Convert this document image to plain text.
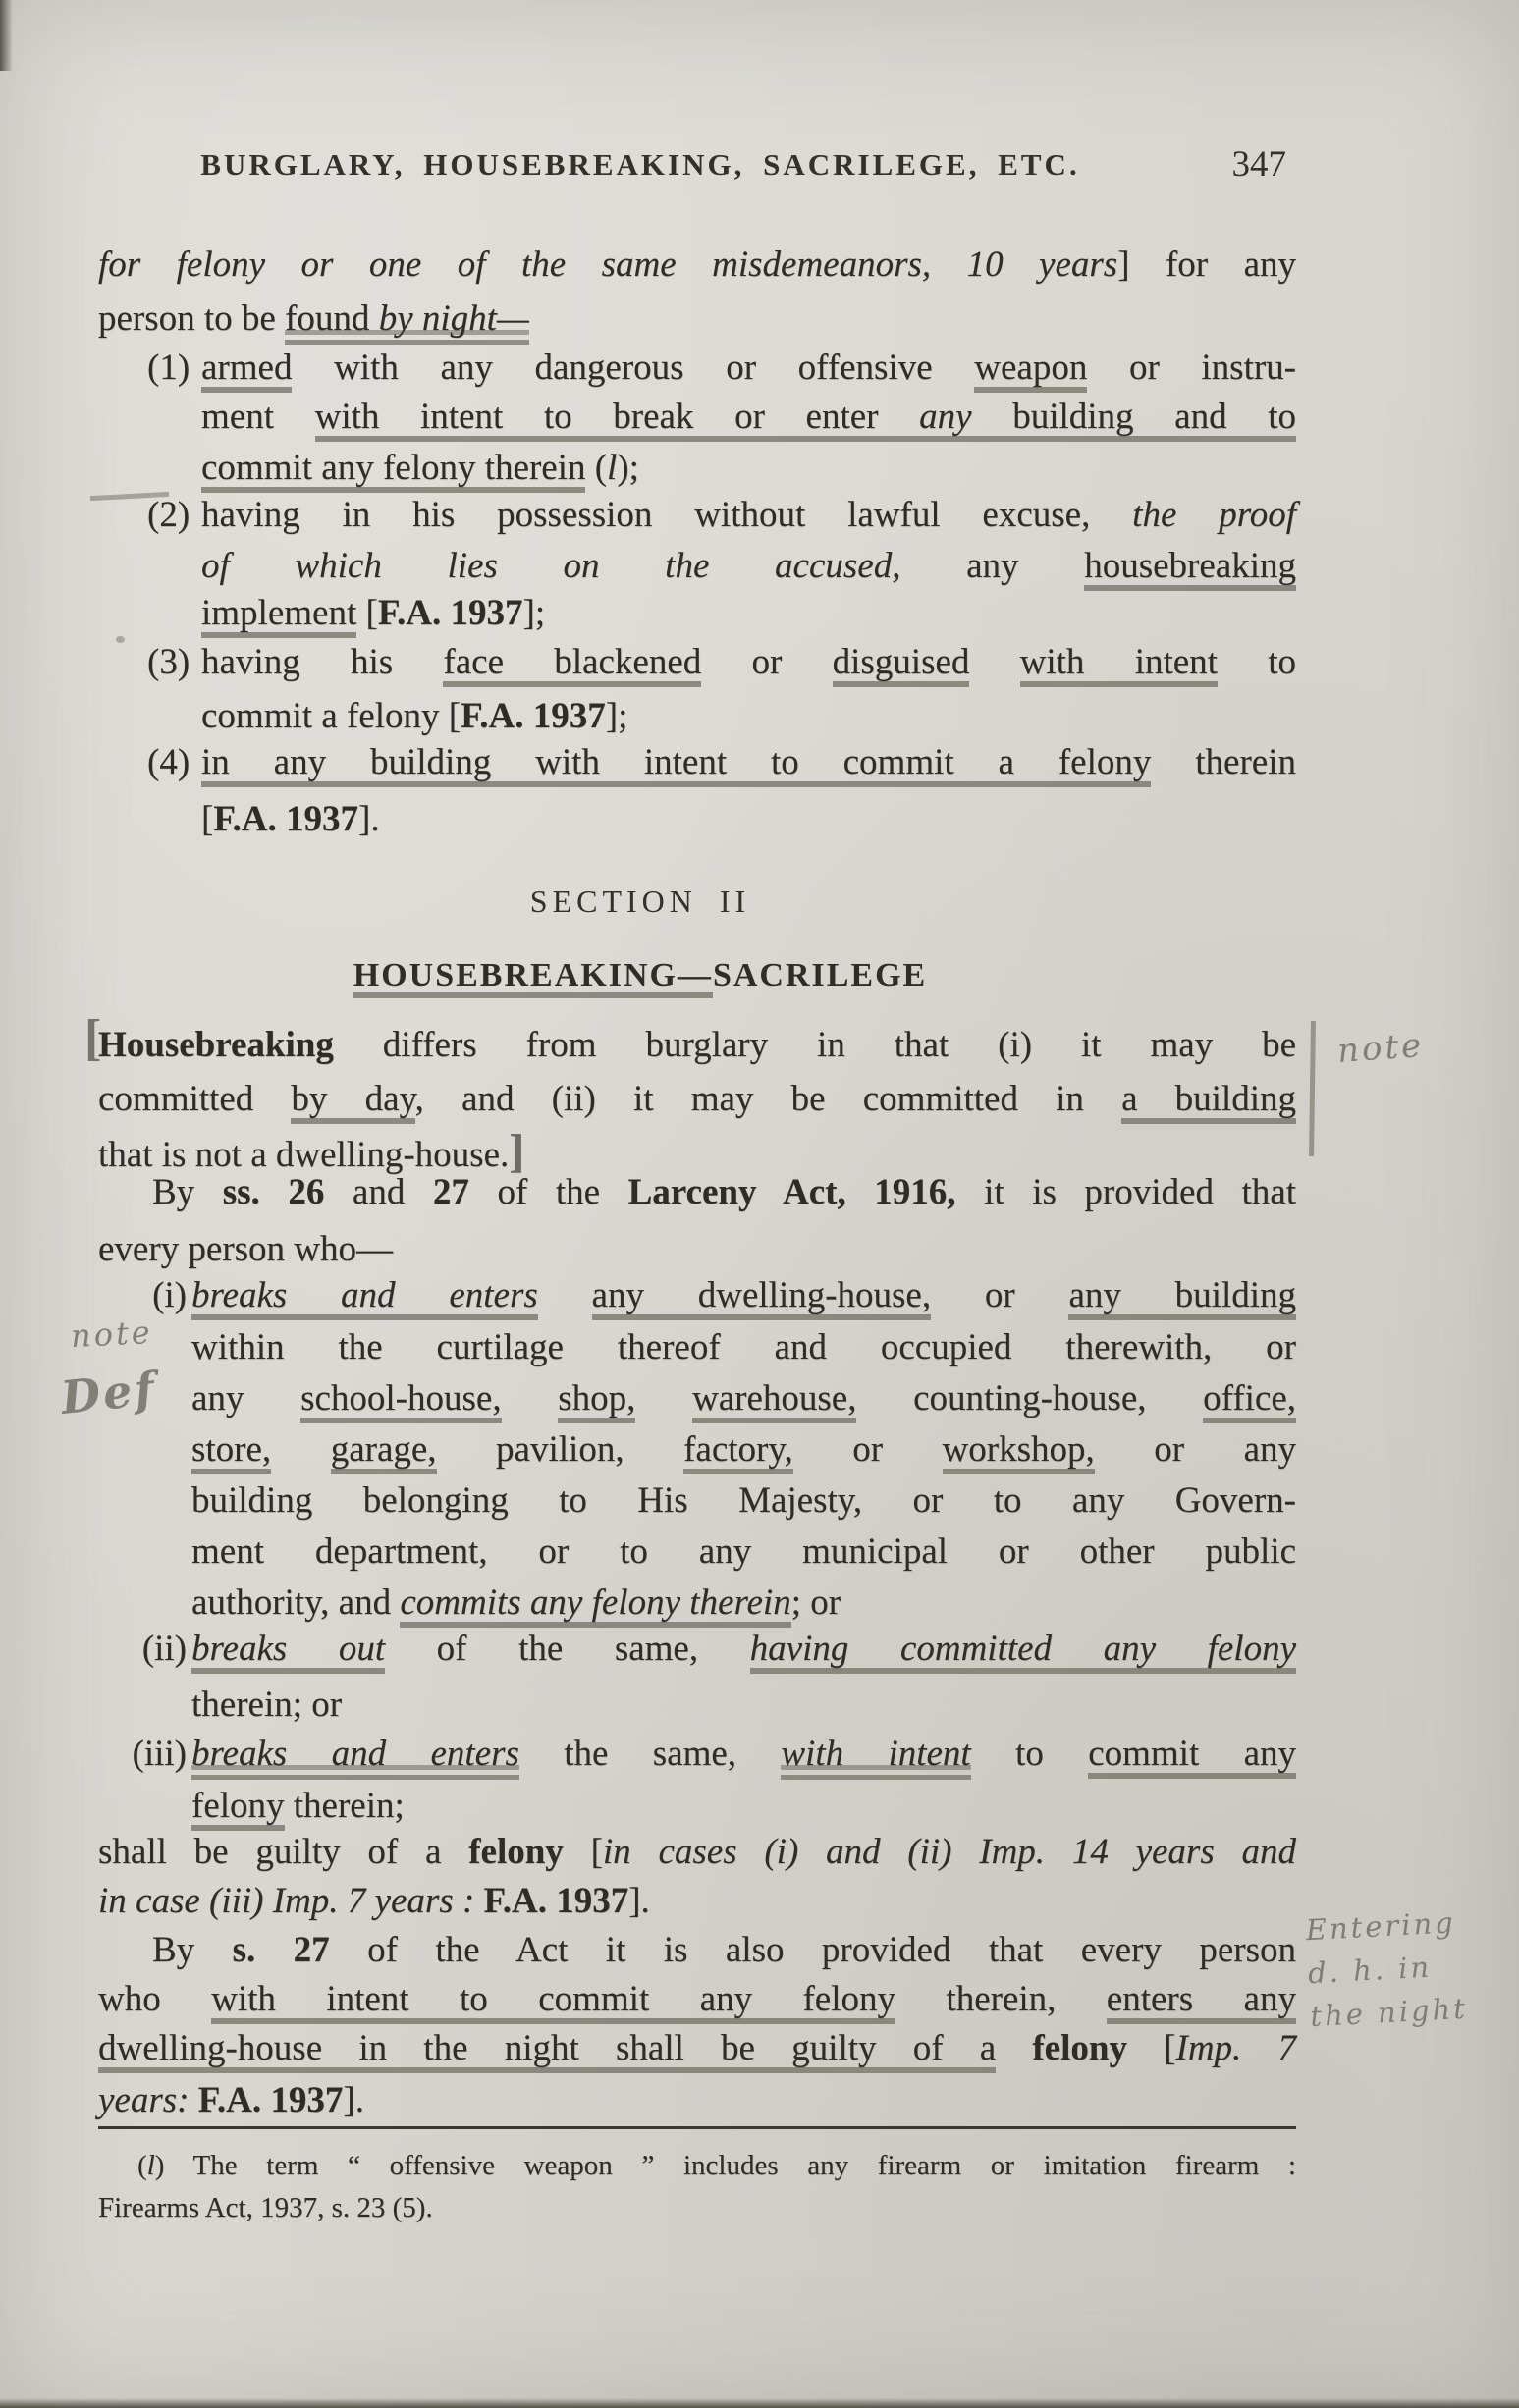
BURGLARY, HOUSEBREAKING, SACRILEGE, ETC.	347
for felony or one of the same misdemeanors, 10 years] for any
person to be found by night—
(1) armed with any dangerous or offensive weapon or instru-
ment with intent to break or enter any building and to
commit any felony therein (l);
(2) having in his possession without lawful excuse, the proof
of which lies on the accused, any housebreaking
implement [F.A. 1937];
(3) having his face blackened or disguised with intent to
commit a felony [F.A. 1937];
(4) in any building with intent to commit a felony therein
[F.A. 1937].
SECTION II
HOUSEBREAKING—SACRILEGE
[
Housebreaking differs from burglary in that (i) it may be
committed by day, and (ii) it may be committed in a building
that is not a dwelling-house.]
note
By ss. 26 and 27 of the Larceny Act, 1916, it is provided that
every person who—
(i) breaks and enters any dwelling-house, or any building
within the curtilage thereof and occupied therewith, or
any school-house, shop, warehouse, counting-house, office,
store, garage, pavilion, factory, or workshop, or any
building belonging to His Majesty, or to any Govern-
ment department, or to any municipal or other public
authority, and commits any felony therein; or
(ii) breaks out of the same, having committed any felony
therein; or
(iii) breaks and enters the same, with intent to commit any
felony therein;
shall be guilty of a felony [in cases (i) and (ii) Imp. 14 years and
in case (iii) Imp. 7 years : F.A. 1937].
By s. 27 of the Act it is also provided that every person
who with intent to commit any felony therein, enters any
dwelling-house in the night shall be guilty of a felony [Imp. 7
years: F.A. 1937].
note
Def
Entering
d. h. in
the night
(l) The term “ offensive weapon ” includes any firearm or imitation firearm :
Firearms Act, 1937, s. 23 (5).
